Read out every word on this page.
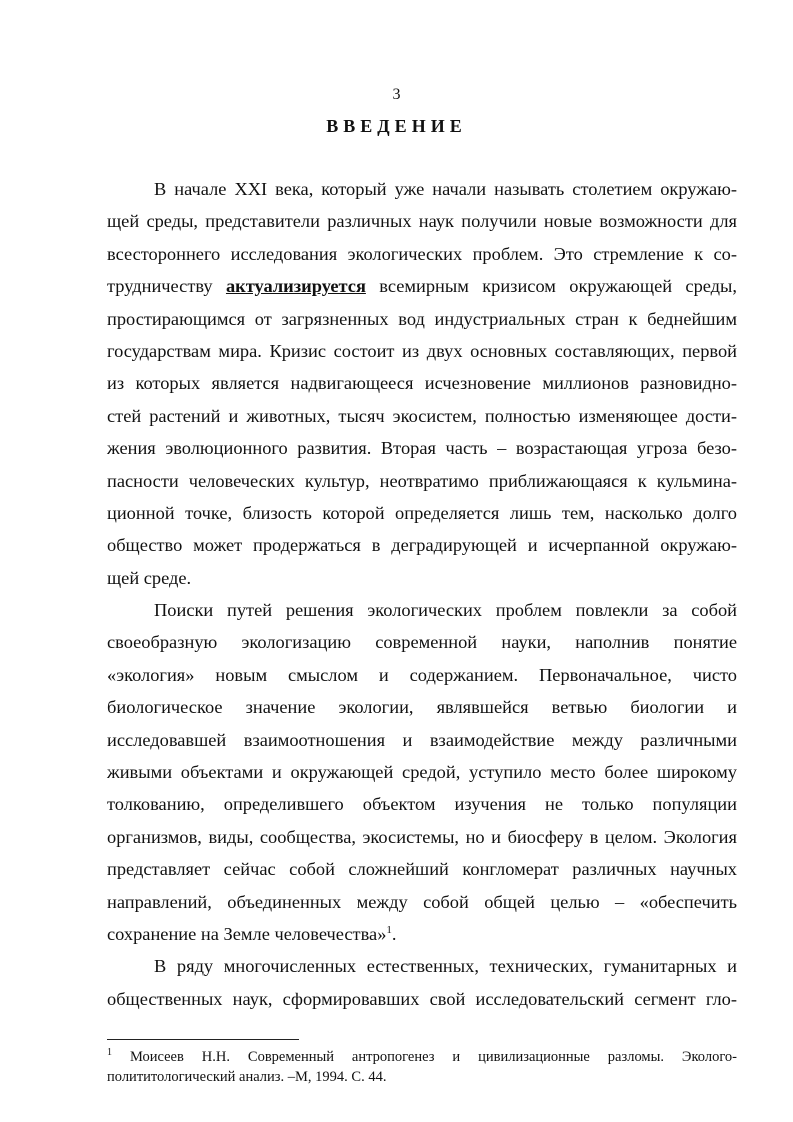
3
ВВЕДЕНИЕ
В начале XXI века, который уже начали называть столетием окружаю-
щей среды, представители различных наук получили новые возможности для
всестороннего исследования экологических проблем. Это стремление к со-
трудничеству актуализируется всемирным кризисом окружающей среды,
простирающимся от загрязненных вод индустриальных стран к беднейшим
государствам мира. Кризис состоит из двух основных составляющих, первой
из которых является надвигающееся исчезновение миллионов разновидно-
стей растений и животных, тысяч экосистем, полностью изменяющее дости-
жения эволюционного развития. Вторая часть – возрастающая угроза безо-
пасности человеческих культур, неотвратимо приближающаяся к кульмина-
ционной точке, близость которой определяется лишь тем, насколько долго
общество может продержаться в деградирующей и исчерпанной окружаю-
щей среде.
Поиски путей решения экологических проблем повлекли за собой
своеобразную экологизацию современной науки, наполнив понятие
«экология» новым смыслом и содержанием. Первоначальное, чисто
биологическое значение экологии, являвшейся ветвью биологии и
исследовавшей взаимоотношения и взаимодействие между различными
живыми объектами и окружающей средой, уступило место более широкому
толкованию, определившего объектом изучения не только популяции
организмов, виды, сообщества, экосистемы, но и биосферу в целом. Экология
представляет сейчас собой сложнейший конгломерат различных научных
направлений, объединенных между собой общей целью – «обеспечить
сохранение на Земле человечества»$^1$.
В ряду многочисленных естественных, технических, гуманитарных и
общественных наук, сформировавших свой исследовательский сегмент гло-
$^1$ Моисеев Н.Н. Современный антропогенез и цивилизационные разломы. Эколого-
полититологический анализ. –М, 1994. С. 44.
